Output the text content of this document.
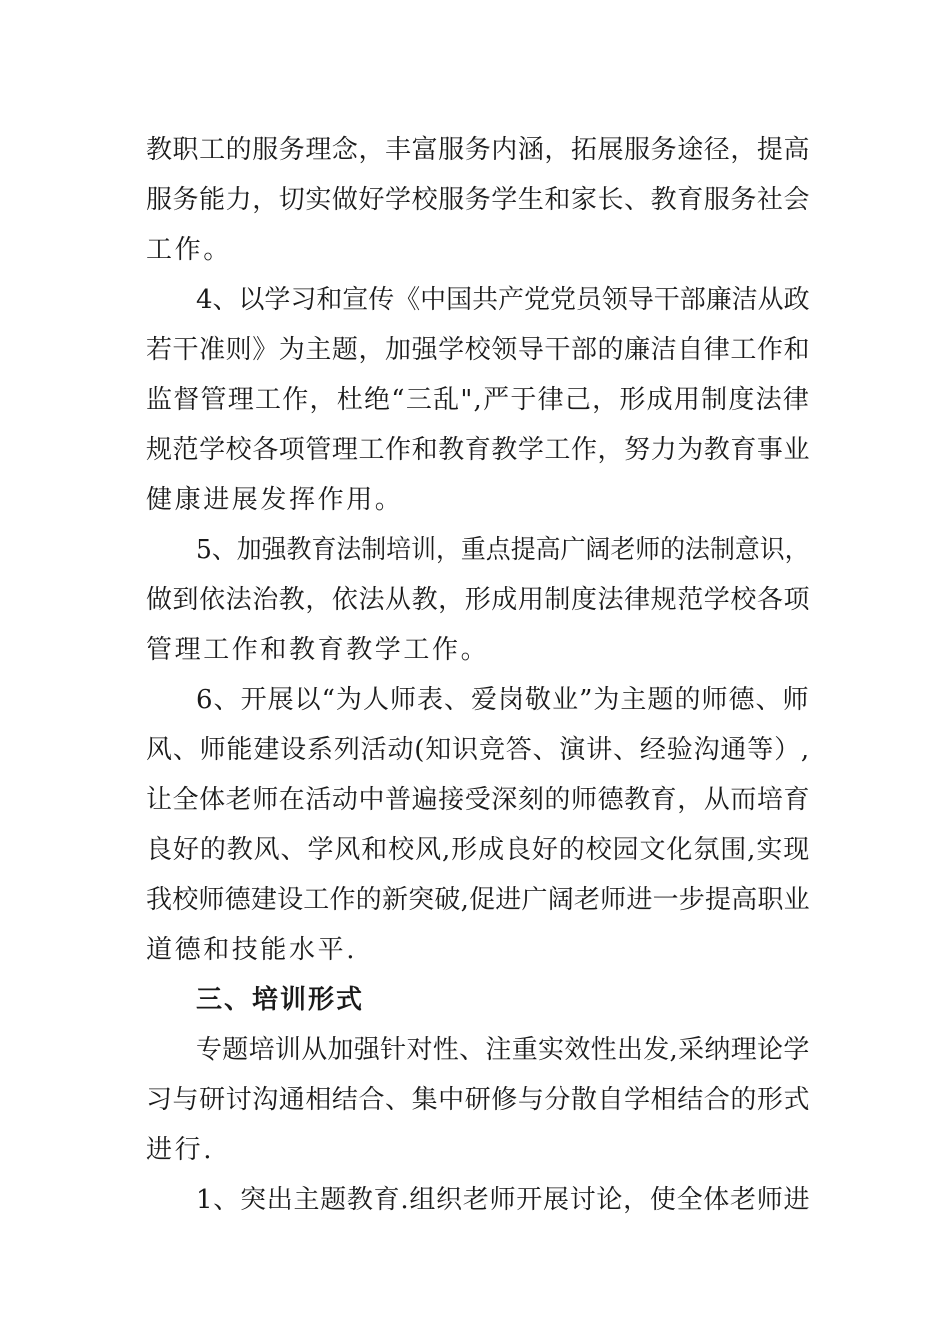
教职工的服务理念，丰富服务内涵，拓展服务途径，提高
服务能力，切实做好学校服务学生和家长、教育服务社会
工作。
4、以学习和宣传《中国共产党党员领导干部廉洁从政
若干准则》为主题，加强学校领导干部的廉洁自律工作和
监督管理工作，杜绝“三乱",严于律己，形成用制度法律
规范学校各项管理工作和教育教学工作，努力为教育事业
健康进展发挥作用。
5、加强教育法制培训，重点提高广阔老师的法制意识，
做到依法治教，依法从教，形成用制度法律规范学校各项
管理工作和教育教学工作。
6、开展以“为人师表、爱岗敬业”为主题的师德、师
风、师能建设系列活动(知识竞答、演讲、经验沟通等）,
让全体老师在活动中普遍接受深刻的师德教育，从而培育
良好的教风、学风和校风,形成良好的校园文化氛围,实现
我校师德建设工作的新突破,促进广阔老师进一步提高职业
道德和技能水平.
三、培训形式
专题培训从加强针对性、注重实效性出发,采纳理论学
习与研讨沟通相结合、集中研修与分散自学相结合的形式
进行.
1、突出主题教育.组织老师开展讨论，使全体老师进
